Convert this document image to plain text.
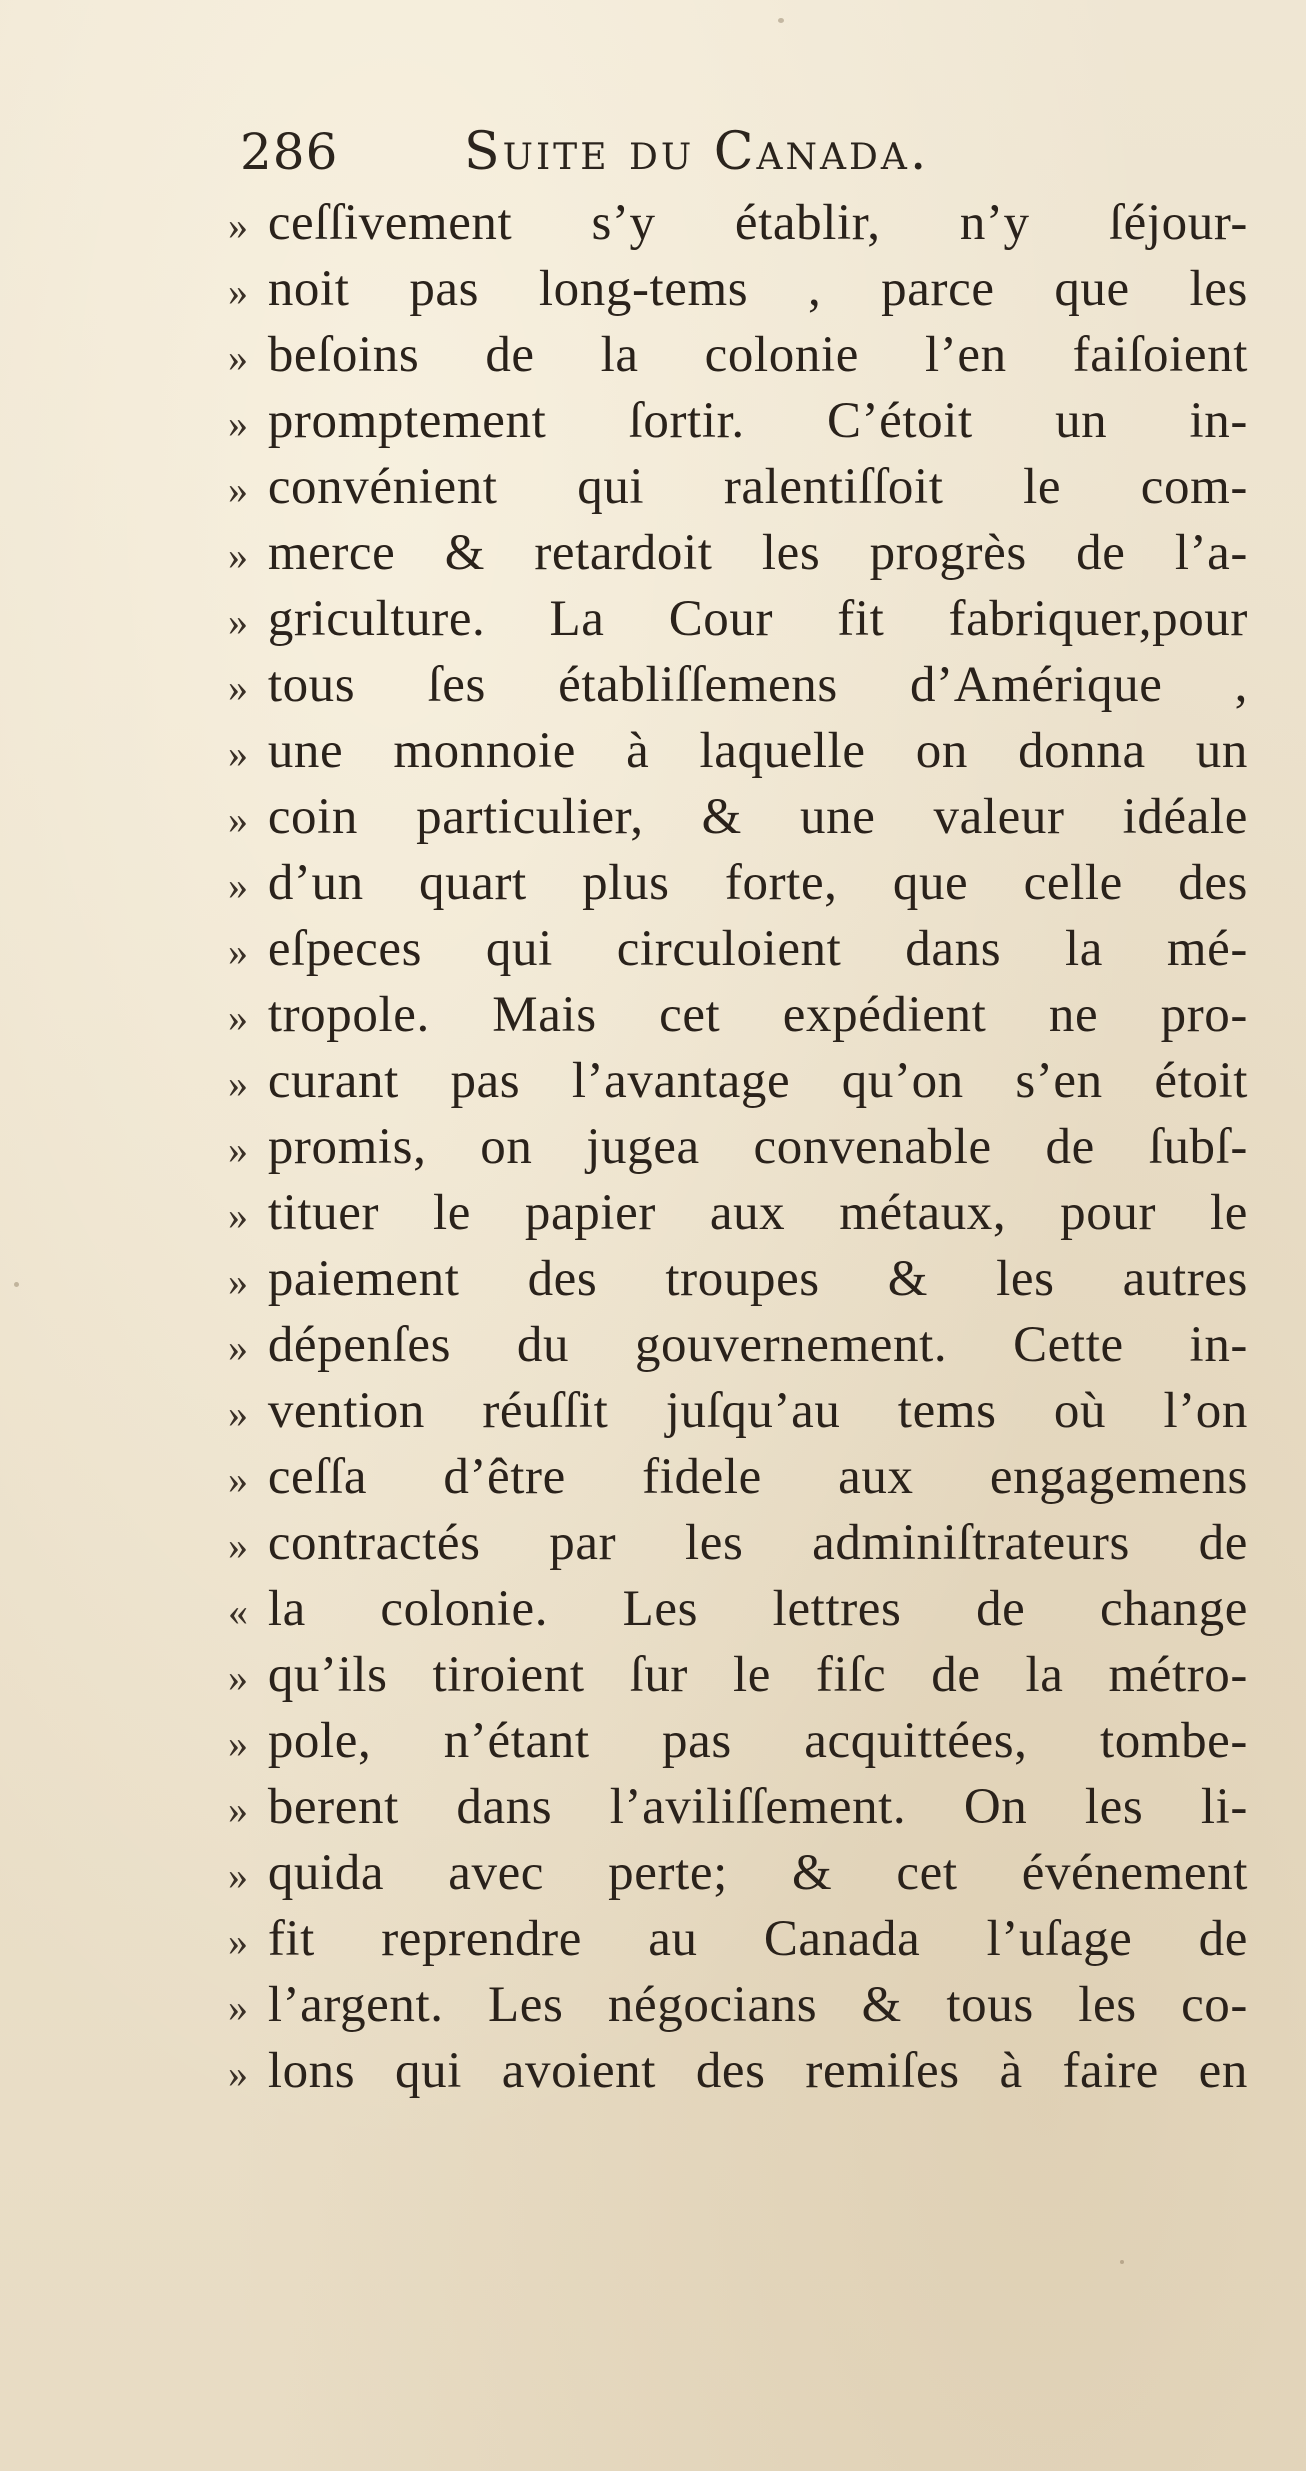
286 Suite du Canada.
» ceſſivement s’y établir, n’y ſéjour-
» noit pas long-tems , parce que les
» beſoins de la colonie l’en faiſoient
» promptement ſortir. C’étoit un in-
» convénient qui ralentiſſoit le com-
» merce & retardoit les progrès de l’a-
» griculture. La Cour fit fabriquer,pour
» tous ſes établiſſemens d’Amérique ,
» une monnoie à laquelle on donna un
» coin particulier, & une valeur idéale
» d’un quart plus forte, que celle des
» eſpeces qui circuloient dans la mé-
» tropole. Mais cet expédient ne pro-
» curant pas l’avantage qu’on s’en étoit
» promis, on jugea convenable de ſubſ-
» tituer le papier aux métaux, pour le
» paiement des troupes & les autres
» dépenſes du gouvernement. Cette in-
» vention réuſſit juſqu’au tems où l’on
» ceſſa d’être fidele aux engagemens
» contractés par les adminiſtrateurs de
« la colonie. Les lettres de change
» qu’ils tiroient ſur le fiſc de la métro-
» pole, n’étant pas acquittées, tombe-
» berent dans l’aviliſſement. On les li-
» quida avec perte; & cet événement
» fit reprendre au Canada l’uſage de
» l’argent. Les négocians & tous les co-
» lons qui avoient des remiſes à faire en
